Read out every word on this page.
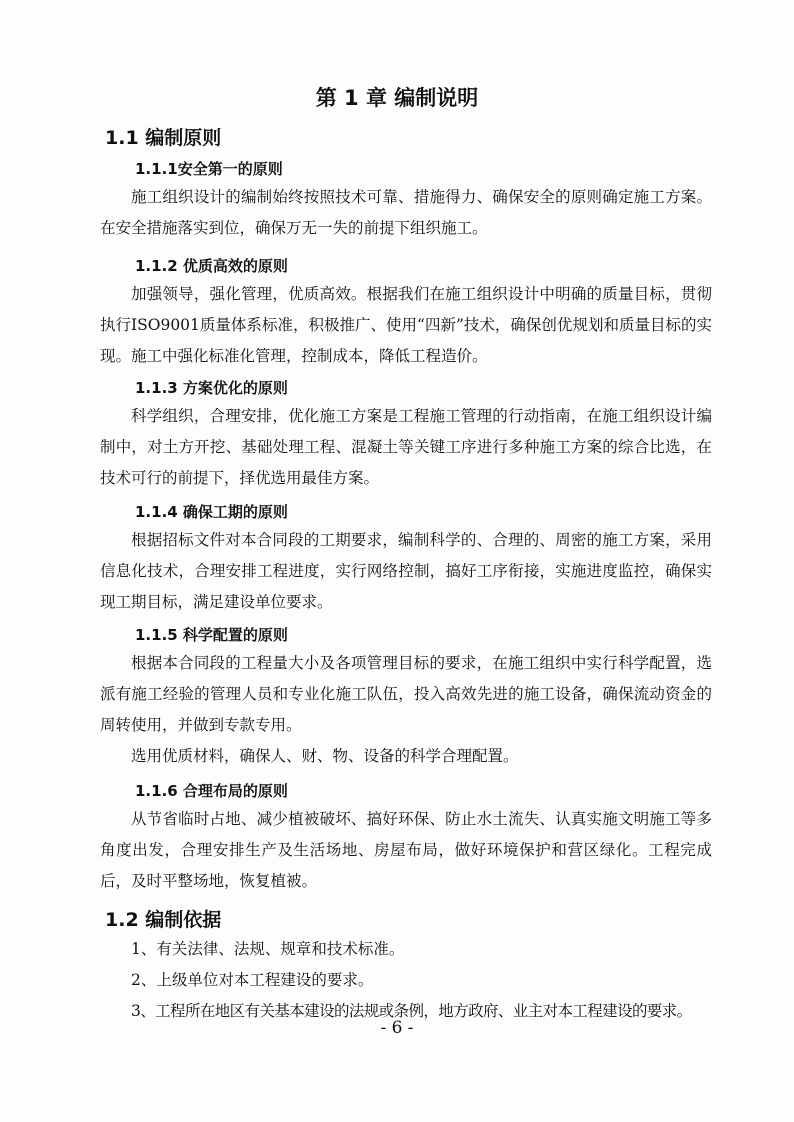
第 1 章 编制说明
1.1 编制原则
1.1.1安全第一的原则

施工组织设计的编制始终按照技术可靠、措施得力、确保安全的原则确定施工方案。在安全措施落实到位，确保万无一失的前提下组织施工。

1.1.2 优质高效的原则

加强领导，强化管理，优质高效。根据我们在施工组织设计中明确的质量目标，贯彻执行ISO9001质量体系标准，积极推广、使用“四新”技术，确保创优规划和质量目标的实现。施工中强化标准化管理，控制成本，降低工程造价。

1.1.3 方案优化的原则

科学组织，合理安排，优化施工方案是工程施工管理的行动指南，在施工组织设计编制中，对土方开挖、基础处理工程、混凝土等关键工序进行多种施工方案的综合比选，在技术可行的前提下，择优选用最佳方案。

1.1.4 确保工期的原则

根据招标文件对本合同段的工期要求，编制科学的、合理的、周密的施工方案，采用信息化技术，合理安排工程进度，实行网络控制，搞好工序衔接，实施进度监控，确保实现工期目标，满足建设单位要求。

1.1.5 科学配置的原则

根据本合同段的工程量大小及各项管理目标的要求，在施工组织中实行科学配置，选派有施工经验的管理人员和专业化施工队伍，投入高效先进的施工设备，确保流动资金的周转使用，并做到专款专用。

选用优质材料，确保人、财、物、设备的科学合理配置。

1.1.6 合理布局的原则

从节省临时占地、减少植被破坏、搞好环保、防止水土流失、认真实施文明施工等多角度出发，合理安排生产及生活场地、房屋布局，做好环境保护和营区绿化。工程完成后，及时平整场地，恢复植被。

1.2 编制依据
1、有关法律、法规、规章和技术标准。
2、上级单位对本工程建设的要求。
3、工程所在地区有关基本建设的法规或条例，地方政府、业主对本工程建设的要求。
- 6 -
